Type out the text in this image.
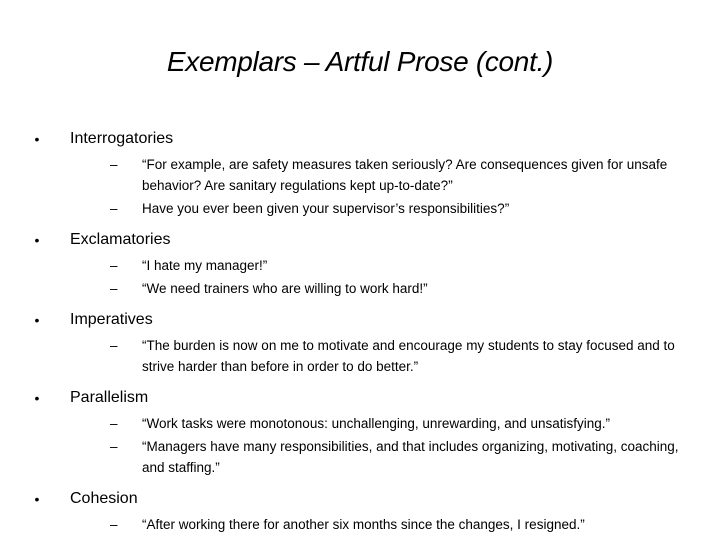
Exemplars – Artful Prose (cont.)
• Interrogatories
– “For example, are safety measures taken seriously? Are consequences given for unsafe behavior? Are sanitary regulations kept up-to-date?”
– Have you ever been given your supervisor’s responsibilities?”
• Exclamatories
– “I hate my manager!”
– “We need trainers who are willing to work hard!”
• Imperatives
– “The burden is now on me to motivate and encourage my students to stay focused and to strive harder than before in order to do better.”
• Parallelism
– “Work tasks were monotonous: unchallenging, unrewarding, and unsatisfying.”
– “Managers have many responsibilities, and that includes organizing, motivating, coaching, and staffing.”
• Cohesion
– “After working there for another six months since the changes, I resigned.”
